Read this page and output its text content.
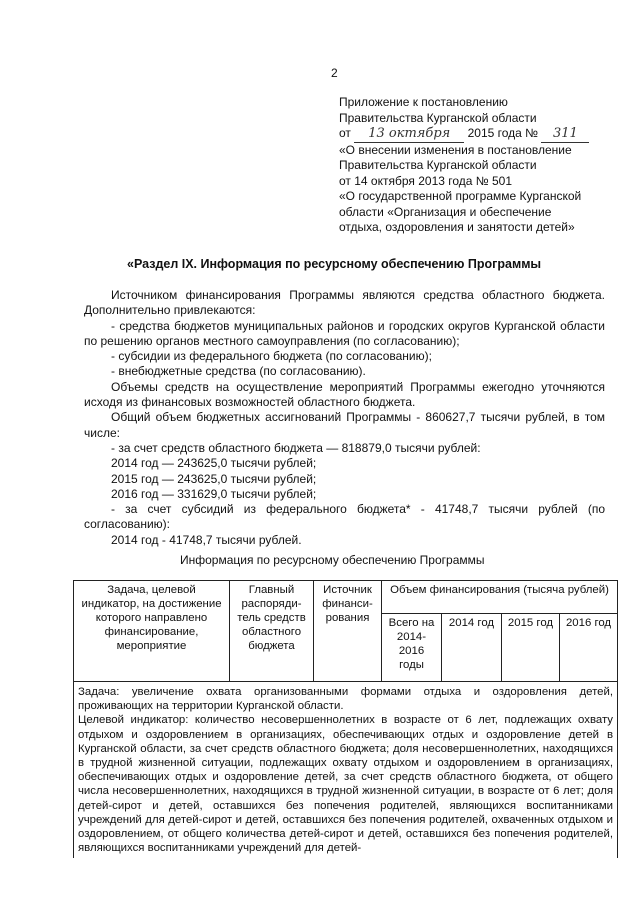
2
Приложение к постановлению
Правительства Курганской области
от 13 октября 2015 года № 311
«О внесении изменения в постановление
Правительства Курганской области
от 14 октября 2013 года № 501
«О государственной программе Курганской
области «Организация и обеспечение
отдыха, оздоровления и занятости детей»
«Раздел IX. Информация по ресурсному обеспечению Программы
Источником финансирования Программы являются средства областного бюджета. Дополнительно привлекаются:
- средства бюджетов муниципальных районов и городских округов Курганской области по решению органов местного самоуправления (по согласованию);
- субсидии из федерального бюджета (по согласованию);
- внебюджетные средства (по согласованию).
Объемы средств на осуществление мероприятий Программы ежегодно уточняются исходя из финансовых возможностей областного бюджета.
Общий объем бюджетных ассигнований Программы - 860627,7 тысячи рублей, в том числе:
- за счет средств областного бюджета — 818879,0 тысячи рублей:
2014 год — 243625,0 тысячи рублей;
2015 год — 243625,0 тысячи рублей;
2016 год — 331629,0 тысячи рублей;
- за счет субсидий из федерального бюджета* - 41748,7 тысячи рублей (по согласованию):
2014 год - 41748,7 тысячи рублей.
Информация по ресурсному обеспечению Программы
Задача, целевой индикатор, на достижение которого направлено финансирование, мероприятие	Главный распоряди-тель средств областного бюджета	Источник финанси-рования	Объем финансирования (тысяча рублей)			
			Всего на 2014-2016 годы	2014 год	2015 год	2016 год

Задача: увеличение охвата организованными формами отдыха и оздоровления детей, проживающих на территории Курганской области.
Целевой индикатор: количество несовершеннолетних в возрасте от 6 лет, подлежащих охвату отдыхом и оздоровлением в организациях, обеспечивающих отдых и оздоровление детей в Курганской области, за счет средств областного бюджета; доля несовершеннолетних, находящихся в трудной жизненной ситуации, подлежащих охвату отдыхом и оздоровлением в организациях, обеспечивающих отдых и оздоровление детей, за счет средств областного бюджета, от общего числа несовершеннолетних, находящихся в трудной жизненной ситуации, в возрасте от 6 лет; доля детей-сирот и детей, оставшихся без попечения родителей, являющихся воспитанниками учреждений для детей-сирот и детей, оставшихся без попечения родителей, охваченных отдыхом и оздоровлением, от общего количества детей-сирот и детей, оставшихся без попечения родителей, являющихся воспитанниками учреждений для детей-						
